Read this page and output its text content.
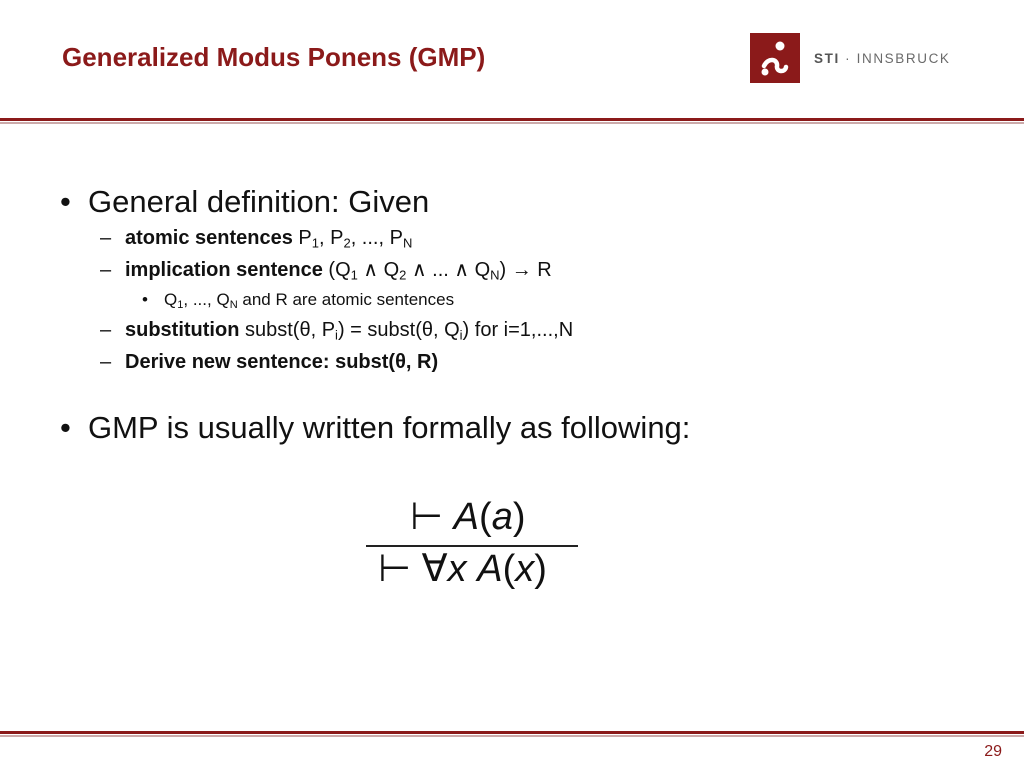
Generalized Modus Ponens (GMP)	STI · INNSBRUCK
• General definition: Given
– atomic sentences $P_1$, $P_2$, ..., $P_N$
– implication sentence ($Q_1$ ∧ $Q_2$ ∧ ... ∧ $Q_N) \to R$
• $Q_1$, ..., $Q_N$ and R are atomic sentences
– substitution subst(θ, $P_i$) = subst(θ, $Q_i$) for i=1,...,N
– Derive new sentence: subst(θ, R)
• GMP is usually written formally as following:
⊢ A(a)
⊢ ∀x A(x)
29
